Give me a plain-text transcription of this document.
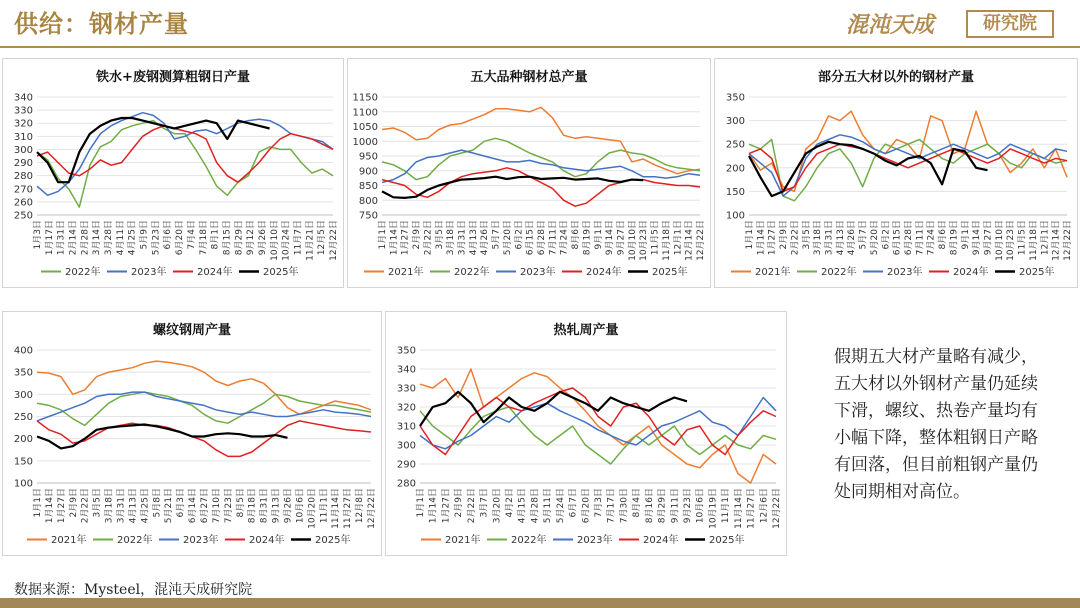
供给：钢材产量	混沌天成	研究院
铁水+废钢测算粗钢日产量
250
260
270
280
290
300
310
320
330
340
1月3日 1月17日 1月31日 2月14日 2月28日 3月14日 3月28日 4月11日 4月25日 5月9日 5月23日 6月6日 6月20日 7月4日 7月18日 8月1日 8月15日 8月29日 9月12日 9月26日 10月10日 10月24日 11月7日 11月21日 12月5日 12月22日
2022年	2023年	2024年	2025年
五大品种钢材总产量
750
800
850
900
950
1000
1050
1100
1150
1月1日 1月14日 1月27日 2月9日 2月22日 3月5日 3月18日 3月31日 4月13日 4月26日 5月7日 5月20日 6月2日 6月15日 6月28日 7月11日 7月24日 8月6日 8月19日 9月1日 9月14日 9月27日 10月10日 10月23日 11月5日 11月18日 12月1日 12月14日 12月22日
2021年	2022年	2023年	2024年	2025年
部分五大材以外的钢材产量
100
150
200
250
300
350
1月1日 1月14日 1月27日 2月9日 2月22日 3月5日 3月18日 3月31日 4月13日 4月26日 5月7日 5月20日 6月2日 6月15日 6月28日 7月11日 7月24日 8月6日 8月19日 9月1日 9月14日 9月27日 10月10日 10月23日 11月5日 11月18日 12月1日 12月14日 12月22日
2021年	2022年	2023年	2024年	2025年
螺纹钢周产量
100
150
200
250
300
350
400
1月1日 1月14日 1月27日 2月9日 2月22日 3月5日 3月18日 3月31日 4月13日 4月25日 5月8日 5月21日 6月3日 6月14日 6月27日 7月10日 7月23日 8月5日 8月18日 8月31日 9月13日 9月26日 10月6日 10月20日 11月1日 11月14日 11月27日 12月8日 12月22日
2021年	2022年	2023年	2024年	2025年
热轧周产量
280
290
300
310
320
330
340
350
1月1日 1月14日 1月27日 2月9日 2月22日 3月7日 3月20日 4月2日 4月15日 4月28日 5月11日 5月24日 6月7日 6月20日 7月3日 7月17日 7月30日 8月4日 8月16日 8月29日 9月11日 9月23日 10月6日 10月19日 11月1日 11月14日 11月27日 12月6日 12月22日
2021年	2022年	2023年	2024年	2025年
假期五大材产量略有减少，五大材以外钢材产量仍延续下滑，螺纹、热卷产量均有小幅下降，整体粗钢日产略有回落，但目前粗钢产量仍处同期相对高位。
数据来源：Mysteel，混沌天成研究院
